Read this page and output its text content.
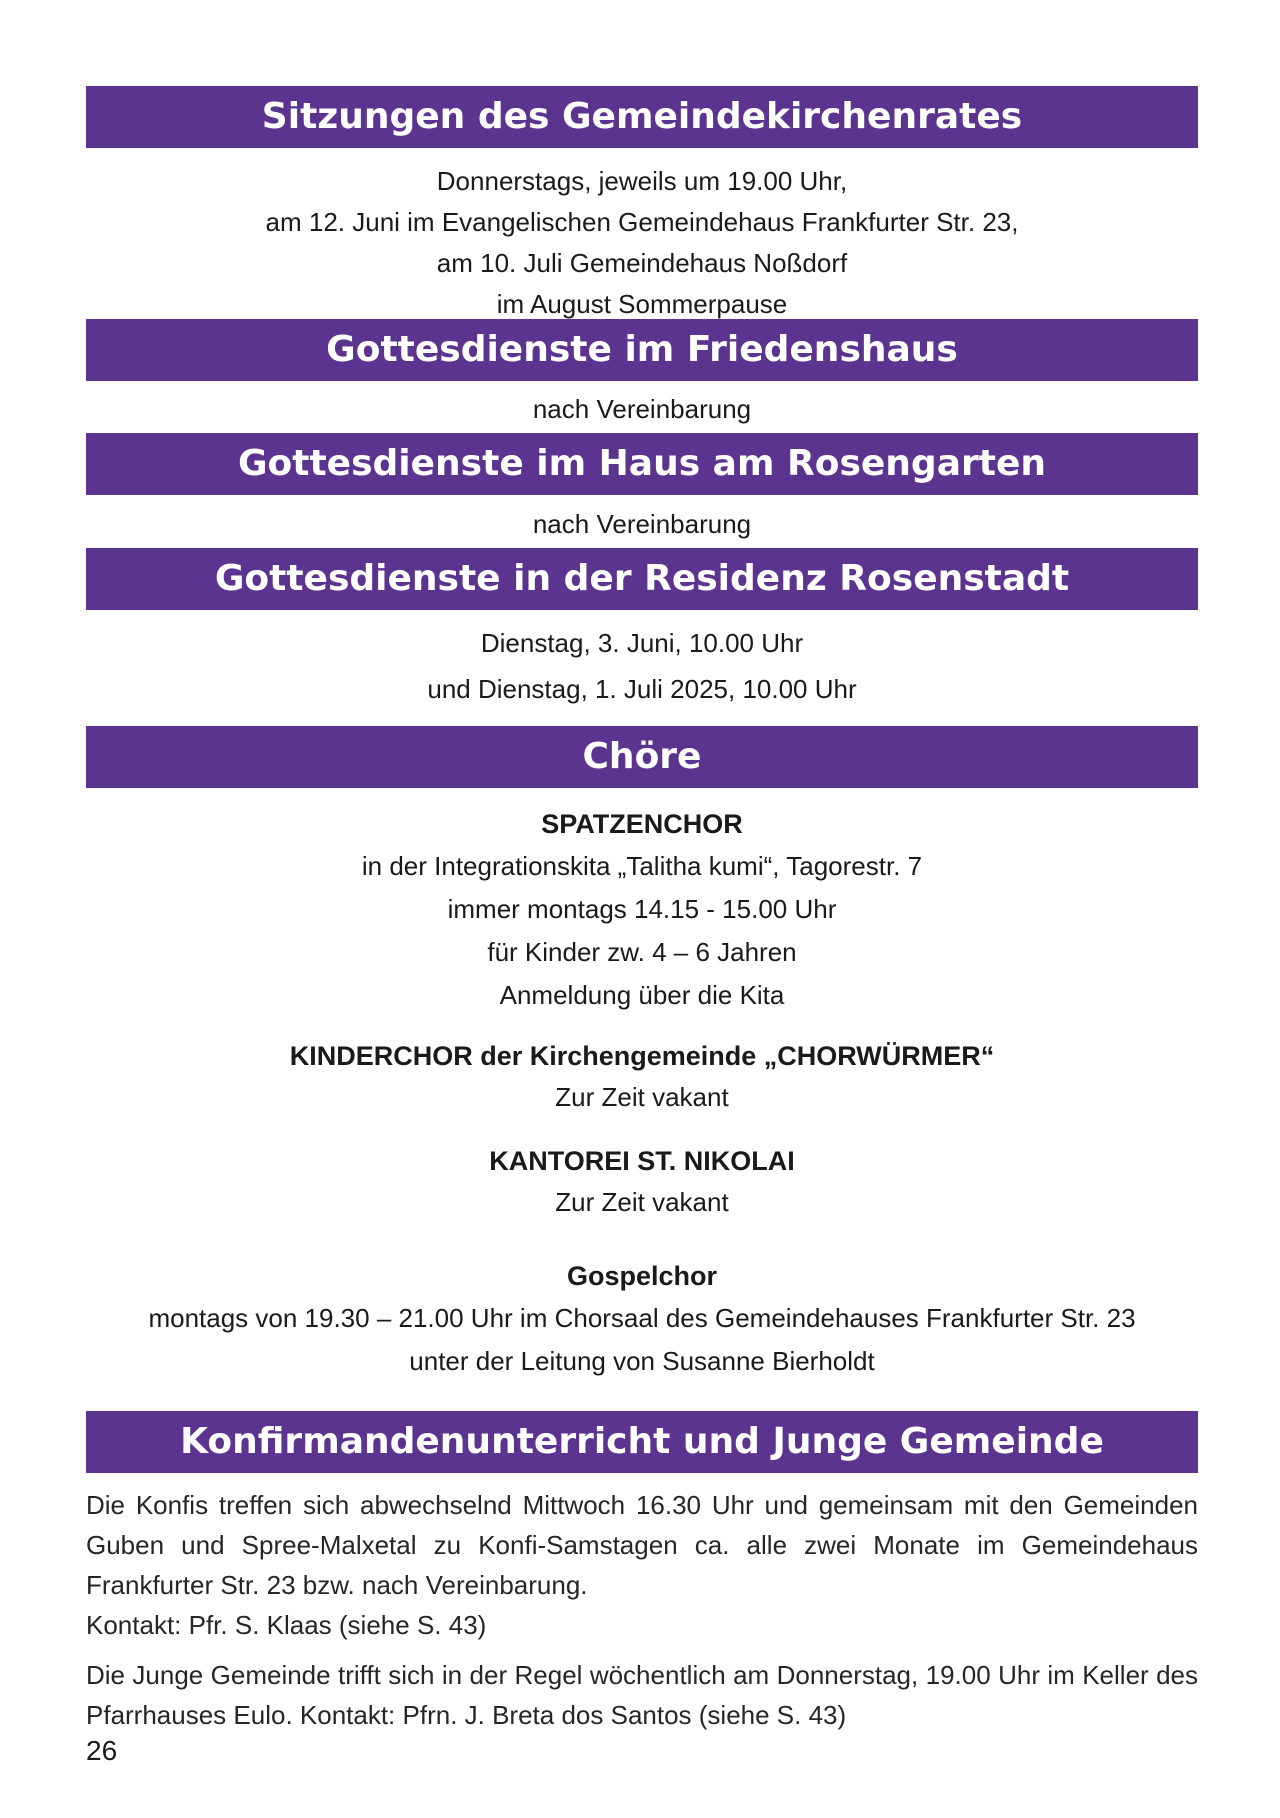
Sitzungen des Gemeindekirchenrates
Donnerstags, jeweils um 19.00 Uhr,
am 12. Juni im Evangelischen Gemeindehaus Frankfurter Str. 23,
am 10. Juli Gemeindehaus Noßdorf
im August Sommerpause
Gottesdienste im Friedenshaus
nach Vereinbarung
Gottesdienste im Haus am Rosengarten
nach Vereinbarung
Gottesdienste in der Residenz Rosenstadt
Dienstag, 3. Juni, 10.00 Uhr
und Dienstag, 1. Juli 2025, 10.00 Uhr
Chöre
SPATZENCHOR
in der Integrationskita „Talitha kumi“, Tagorestr. 7
immer montags 14.15 - 15.00 Uhr
für Kinder zw. 4 – 6 Jahren
Anmeldung über die Kita
KINDERCHOR der Kirchengemeinde „CHORWÜRMER“
Zur Zeit vakant
KANTOREI ST. NIKOLAI
Zur Zeit vakant
Gospelchor
montags von 19.30 – 21.00 Uhr im Chorsaal des Gemeindehauses Frankfurter Str. 23
unter der Leitung von Susanne Bierholdt
Konfirmandenunterricht und Junge Gemeinde
Die Konfis treffen sich abwechselnd Mittwoch 16.30 Uhr und gemeinsam mit den Gemeinden Guben und Spree-Malxetal zu Konfi-Samstagen ca. alle zwei Monate im Gemeindehaus Frankfurter Str. 23 bzw. nach Vereinbarung.
Kontakt: Pfr. S. Klaas (siehe S. 43)
Die Junge Gemeinde trifft sich in der Regel wöchentlich am Donnerstag, 19.00 Uhr im Keller des Pfarrhauses Eulo. Kontakt: Pfrn. J. Breta dos Santos (siehe S. 43)
26
